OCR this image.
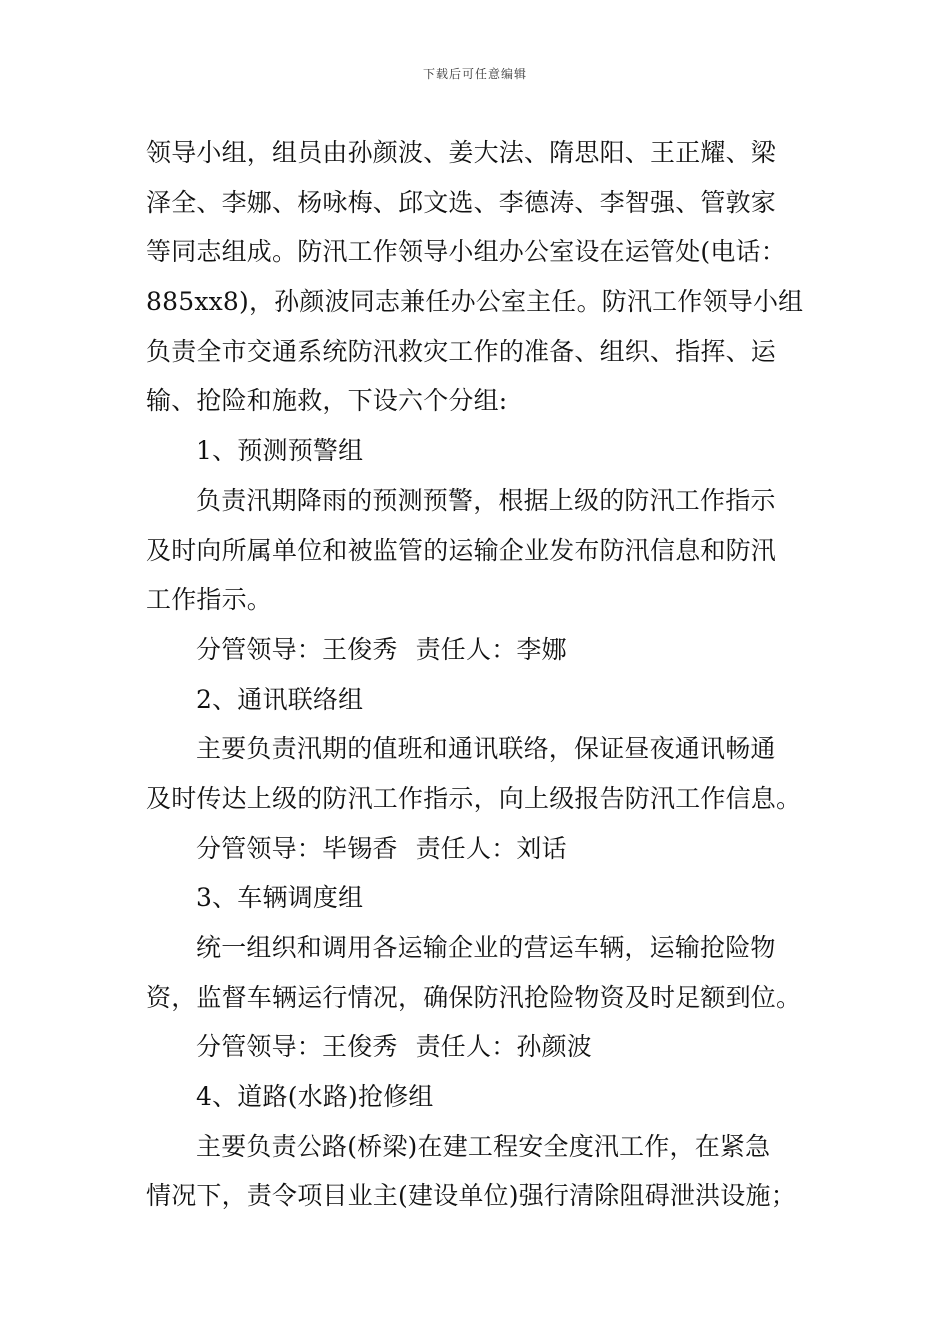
下载后可任意编辑
领导小组，组员由孙颜波、姜大法、隋思阳、王正耀、梁
泽全、李娜、杨咏梅、邱文选、李德涛、李智强、管敦家
等同志组成。防汛工作领导小组办公室设在运管处(电话：
885xx8)，孙颜波同志兼任办公室主任。防汛工作领导小组
负责全市交通系统防汛救灾工作的准备、组织、指挥、运
输、抢险和施救，下设六个分组:
1、预测预警组
负责汛期降雨的预测预警，根据上级的防汛工作指示
及时向所属单位和被监管的运输企业发布防汛信息和防汛
工作指示。
分管领导：王俊秀 责任人：李娜
2、通讯联络组
主要负责汛期的值班和通讯联络，保证昼夜通讯畅通
及时传达上级的防汛工作指示，向上级报告防汛工作信息。
分管领导：毕锡香 责任人：刘话
3、车辆调度组
统一组织和调用各运输企业的营运车辆，运输抢险物
资，监督车辆运行情况，确保防汛抢险物资及时足额到位。
分管领导：王俊秀 责任人：孙颜波
4、道路(水路)抢修组
主要负责公路(桥梁)在建工程安全度汛工作，在紧急
情况下，责令项目业主(建设单位)强行清除阻碍泄洪设施；
